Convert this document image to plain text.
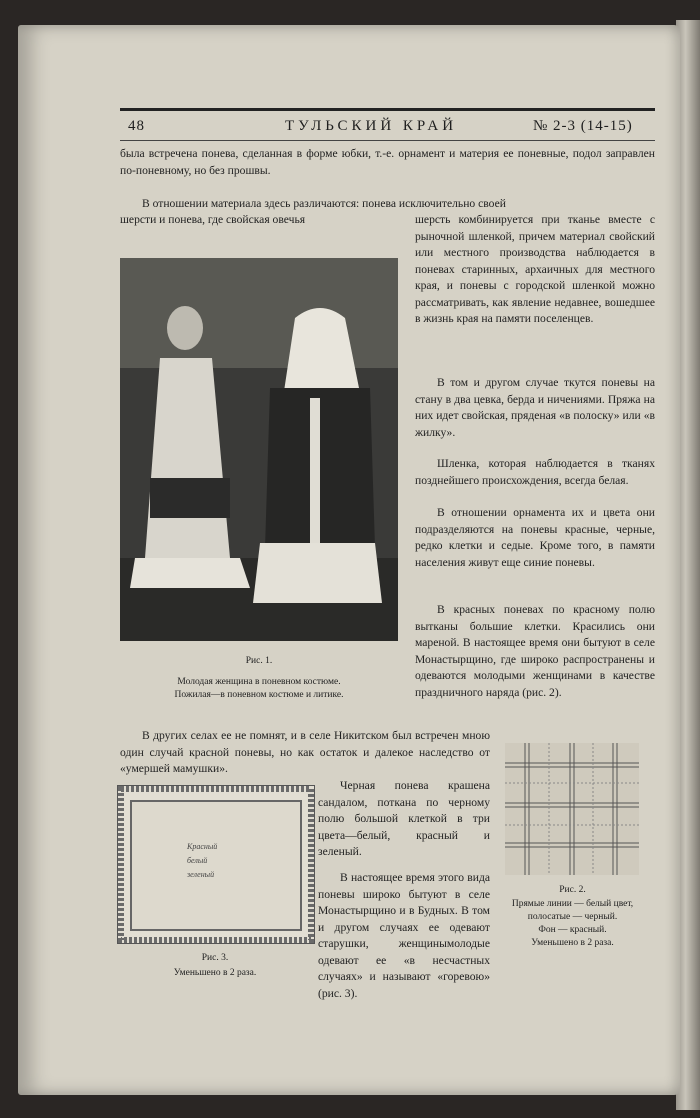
48	ТУЛЬСКИЙ КРАЙ	№ 2-3 (14-15)

была встречена понева, сделанная в форме юбки, т.-е. орнамент и материя ее поневные, подол заправлен по-поневному, но без прошвы.

В отношении материала здесь различаются: понева исключительно своей

шерсти и понева, где свойская овечья	шерсть комбинируется при тканье вместе с рыночной шленкой, причем материал свойский или местного производства наблюдается в поневах старинных, архаичных для местного края, и поневы с городской шленкой можно рассматривать, как явление недавнее, вошедшее в жизнь края на памяти поселенцев.

В том и другом случае ткутся поневы на стану в два цевка, берда и ничениями. Пряжа на них идет свойская, пряденая «в полоску» или «в жилку».

Шленка, которая наблюдается в тканях позднейшего происхождения, всегда белая.

В отношении орнамента их и цвета они подразделяются на поневы красные, черные, редко клетки и седые. Кроме того, в памяти населения живут еще синие поневы.

В красных поневах по красному полю вытканы большие клетки. Красились они мареной. В настоящее время они бытуют в селе Монастырщино, где широко распространены и одеваются молодыми женщинами в качестве праздничного наряда (рис. 2).

Рис. 1.

Молодая женщина в поневном костюме.

Пожилая—в поневном костюме и литике.

В других селах ее не помнят, и в селе Никитском был встречен мною один случай красной поневы, но как остаток и далекое наследство от «умершей мамушки».

Черная понева крашена сандалом, поткана по черному полю большой клеткой в три цвета—белый, красный и зеленый.

В настоящее время этого вида поневы широко бытуют в селе Монастырщино и в Будных. В том и другом случаях ее одевают старушки, женщинымолодые одевают ее «в несчастных случаях» и называют «горевою» (рис. 3).

Красный
белый
зеленый

Рис. 3.

Уменьшено в 2 раза.

Рис. 2.

Прямые линии — белый цвет,

полосатые — черный.

Фон — красный.

Уменьшено в 2 раза.
